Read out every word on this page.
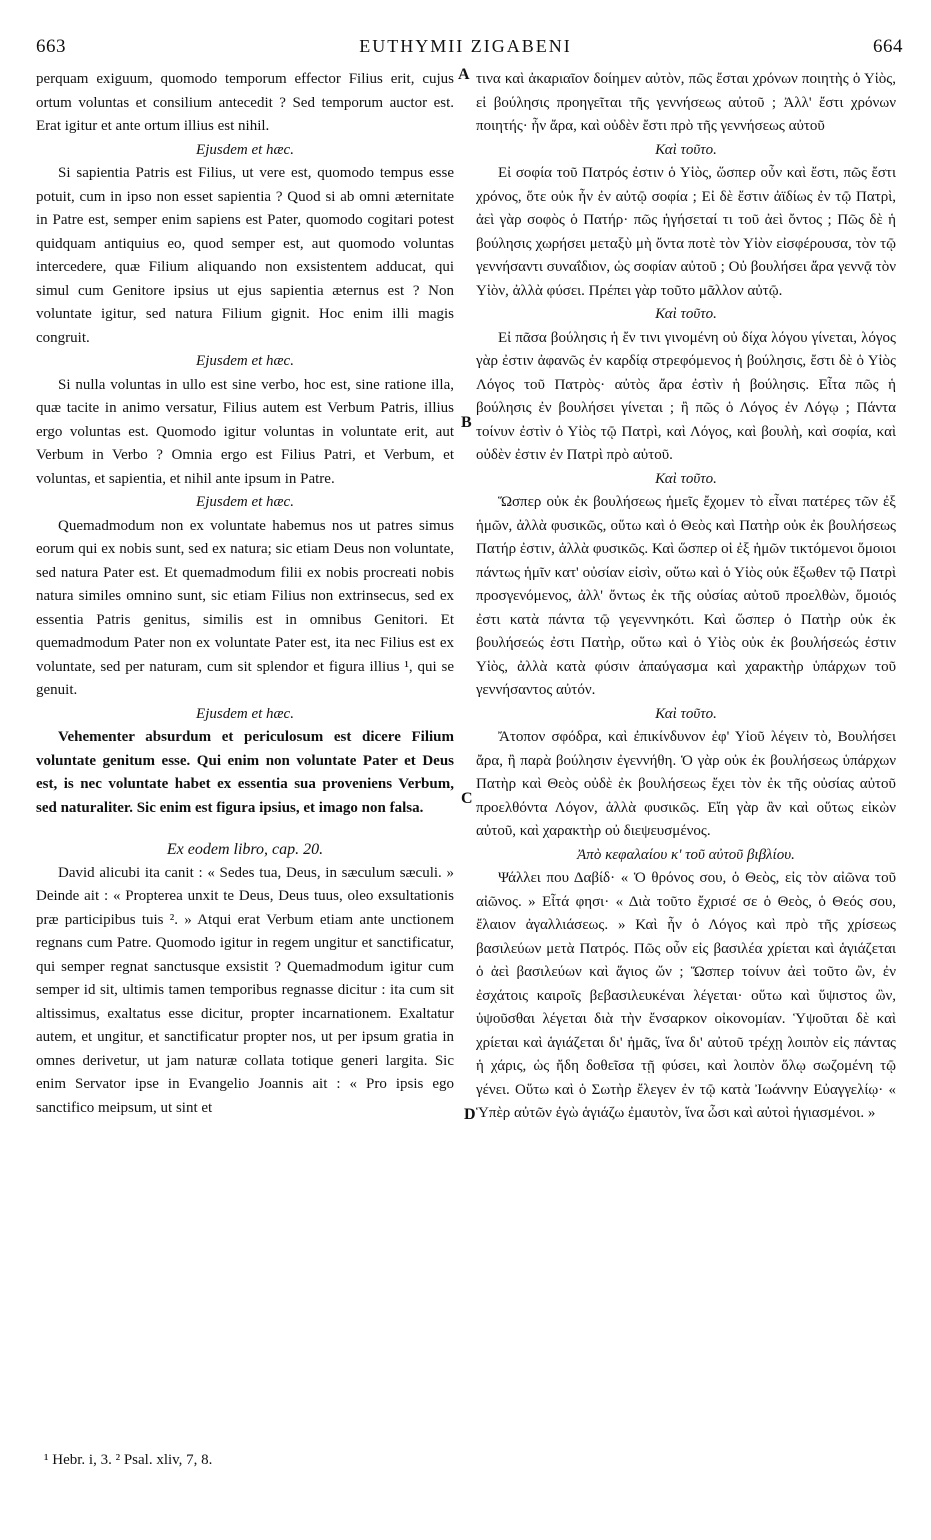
663	EUTHYMII ZIGABENI	664
A
B
C
D

perquam exiguum, quomodo temporum effector Filius erit, cujus ortum voluntas et consilium antecedit ? Sed temporum auctor est. Erat igitur et ante ortum illius est nihil.

Ejusdem et hæc.

Si sapientia Patris est Filius, ut vere est, quomodo tempus esse potuit, cum in ipso non esset sapientia ? Quod si ab omni æternitate in Patre est, semper enim sapiens est Pater, quomodo cogitari potest quidquam antiquius eo, quod semper est, aut quomodo voluntas intercedere, quæ Filium aliquando non exsistentem adducat, qui simul cum Genitore ipsius ut ejus sapientia æternus est ? Non voluntate igitur, sed natura Filium gignit. Hoc enim illi magis congruit.

Ejusdem et hæc.

Si nulla voluntas in ullo est sine verbo, hoc est, sine ratione illa, quæ tacite in animo versatur, Filius autem est Verbum Patris, illius ergo voluntas est. Quomodo igitur voluntas in voluntate erit, aut Verbum in Verbo ? Omnia ergo est Filius Patri, et Verbum, et voluntas, et sapientia, et nihil ante ipsum in Patre.

Ejusdem et hæc.

Quemadmodum non ex voluntate habemus nos ut patres simus eorum qui ex nobis sunt, sed ex natura; sic etiam Deus non voluntate, sed natura Pater est. Et quemadmodum filii ex nobis procreati nobis natura similes omnino sunt, sic etiam Filius non extrinsecus, sed ex essentia Patris genitus, similis est in omnibus Genitori. Et quemadmodum Pater non ex voluntate Pater est, ita nec Filius est ex voluntate, sed per naturam, cum sit splendor et figura illius ¹, qui se genuit.

Ejusdem et hæc.

Vehementer absurdum et periculosum est dicere Filium voluntate genitum esse. Qui enim non voluntate Pater et Deus est, is nec voluntate habet ex essentia sua proveniens Verbum, sed naturaliter. Sic enim est figura ipsius, et imago non falsa.

Ex eodem libro, cap. 20.

David alicubi ita canit : « Sedes tua, Deus, in sæculum sæculi. » Deinde ait : « Propterea unxit te Deus, Deus tuus, oleo exsultationis præ participibus tuis ². » Atqui erat Verbum etiam ante unctionem regnans cum Patre. Quomodo igitur in regem ungitur et sanctificatur, qui semper regnat sanctusque exsistit ? Quemadmodum igitur cum semper id sit, ultimis tamen temporibus regnasse dicitur : ita cum sit altissimus, exaltatus esse dicitur, propter incarnationem. Exaltatur autem, et ungitur, et sanctificatur propter nos, ut per ipsum gratia in omnes derivetur, ut jam naturæ collata totique generi largita. Sic enim Servator ipse in Evangelio Joannis ait : « Pro ipsis ego sanctifico meipsum, ut sint et

τινα καὶ ἀκαριαῖον δοίημεν αὐτὸν, πῶς ἔσται χρόνων ποιητὴς ὁ Υἱὸς, εἰ βούλησις προηγεῖται τῆς γεννήσεως αὐτοῦ ; Ἀλλ' ἔστι χρόνων ποιητής· ἦν ἄρα, καὶ οὐδὲν ἔστι πρὸ τῆς γεννήσεως αὐτοῦ

Καὶ τοῦτο.

Εἰ σοφία τοῦ Πατρός ἐστιν ὁ Υἱὸς, ὥσπερ οὖν καὶ ἔστι, πῶς ἔστι χρόνος, ὅτε οὐκ ἦν ἐν αὐτῷ σοφία ; Εἰ δὲ ἔστιν ἀϊδίως ἐν τῷ Πατρὶ, ἀεὶ γὰρ σοφὸς ὁ Πατήρ· πῶς ἡγήσεταί τι τοῦ ἀεὶ ὄντος ; Πῶς δὲ ἡ βούλησις χωρήσει μεταξὺ μὴ ὄντα ποτὲ τὸν Υἱὸν εἰσφέρουσα, τὸν τῷ γεννήσαντι συναΐδιον, ὡς σοφίαν αὐτοῦ ; Οὐ βουλήσει ἄρα γεννᾷ τὸν Υἱὸν, ἀλλὰ φύσει. Πρέπει γὰρ τοῦτο μᾶλλον αὐτῷ.

Καὶ τοῦτο.

Εἰ πᾶσα βούλησις ἡ ἔν τινι γινομένη οὐ δίχα λόγου γίνεται, λόγος γὰρ ἐστιν ἀφανῶς ἐν καρδίᾳ στρεφόμενος ἡ βούλησις, ἔστι δὲ ὁ Υἱὸς Λόγος τοῦ Πατρὸς· αὐτὸς ἄρα ἐστὶν ἡ βούλησις. Εἶτα πῶς ἡ βούλησις ἐν βουλήσει γίνεται ; ἢ πῶς ὁ Λόγος ἐν Λόγῳ ; Πάντα τοίνυν ἐστὶν ὁ Υἱὸς τῷ Πατρὶ, καὶ Λόγος, καὶ βουλὴ, καὶ σοφία, καὶ οὐδὲν ἐστιν ἐν Πατρὶ πρὸ αὐτοῦ.

Καὶ τοῦτο.

Ὥσπερ οὐκ ἐκ βουλήσεως ἡμεῖς ἔχομεν τὸ εἶναι πατέρες τῶν ἐξ ἡμῶν, ἀλλὰ φυσικῶς, οὕτω καὶ ὁ Θεὸς καὶ Πατὴρ οὐκ ἐκ βουλήσεως Πατήρ ἐστιν, ἀλλὰ φυσικῶς. Καὶ ὥσπερ οἱ ἐξ ἡμῶν τικτόμενοι ὅμοιοι πάντως ἡμῖν κατ' οὐσίαν εἰσὶν, οὕτω καὶ ὁ Υἱὸς οὐκ ἔξωθεν τῷ Πατρὶ προσγενόμενος, ἀλλ' ὄντως ἐκ τῆς οὐσίας αὐτοῦ προελθὼν, ὅμοιός ἐστι κατὰ πάντα τῷ γεγεννηκότι. Καὶ ὥσπερ ὁ Πατὴρ οὐκ ἐκ βουλήσεώς ἐστι Πατὴρ, οὕτω καὶ ὁ Υἱὸς οὐκ ἐκ βουλήσεώς ἐστιν Υἱὸς, ἀλλὰ κατὰ φύσιν ἀπαύγασμα καὶ χαρακτὴρ ὑπάρχων τοῦ γεννήσαντος αὐτόν.

Καὶ τοῦτο.

Ἄτοπον σφόδρα, καὶ ἐπικίνδυνον ἐφ' Υἱοῦ λέγειν τὸ, Βουλήσει ἄρα, ἢ παρὰ βούλησιν ἐγεννήθη. Ὁ γὰρ οὐκ ἐκ βουλήσεως ὑπάρχων Πατὴρ καὶ Θεὸς οὐδὲ ἐκ βουλήσεως ἔχει τὸν ἐκ τῆς οὐσίας αὐτοῦ προελθόντα Λόγον, ἀλλὰ φυσικῶς. Εἴη γὰρ ἂν καὶ οὕτως εἰκὼν αὐτοῦ, καὶ χαρακτὴρ οὐ διεψευσμένος.

Ἀπὸ κεφαλαίου κ' τοῦ αὐτοῦ βιβλίου.

Ψάλλει που Δαβίδ· « Ὁ θρόνος σου, ὁ Θεὸς, εἰς τὸν αἰῶνα τοῦ αἰῶνος. » Εἶτά φησι· « Διὰ τοῦτο ἔχρισέ σε ὁ Θεὸς, ὁ Θεός σου, ἔλαιον ἀγαλλιάσεως. » Καὶ ἦν ὁ Λόγος καὶ πρὸ τῆς χρίσεως βασιλεύων μετὰ Πατρός. Πῶς οὖν εἰς βασιλέα χρίεται καὶ ἁγιάζεται ὁ ἀεὶ βασιλεύων καὶ ἅγιος ὤν ; Ὥσπερ τοίνυν ἀεὶ τοῦτο ὢν, ἐν ἐσχάτοις καιροῖς βεβασιλευκέναι λέγεται· οὕτω καὶ ὕψιστος ὢν, ὑψοῦσθαι λέγεται διὰ τὴν ἔνσαρκον οἰκονομίαν. Ὑψοῦται δὲ καὶ χρίεται καὶ ἁγιάζεται δι' ἡμᾶς, ἵνα δι' αὐτοῦ τρέχῃ λοιπὸν εἰς πάντας ἡ χάρις, ὡς ἤδη δοθεῖσα τῇ φύσει, καὶ λοιπὸν ὅλῳ σωζομένη τῷ γένει. Οὕτω καὶ ὁ Σωτὴρ ἔλεγεν ἐν τῷ κατὰ Ἰωάννην Εὐαγγελίῳ· « Ὑπὲρ αὐτῶν ἐγὼ ἁγιάζω ἐμαυτὸν, ἵνα ὦσι καὶ αὐτοὶ ἡγιασμένοι. »

¹ Hebr. i, 3. ² Psal. xliv, 7, 8.
